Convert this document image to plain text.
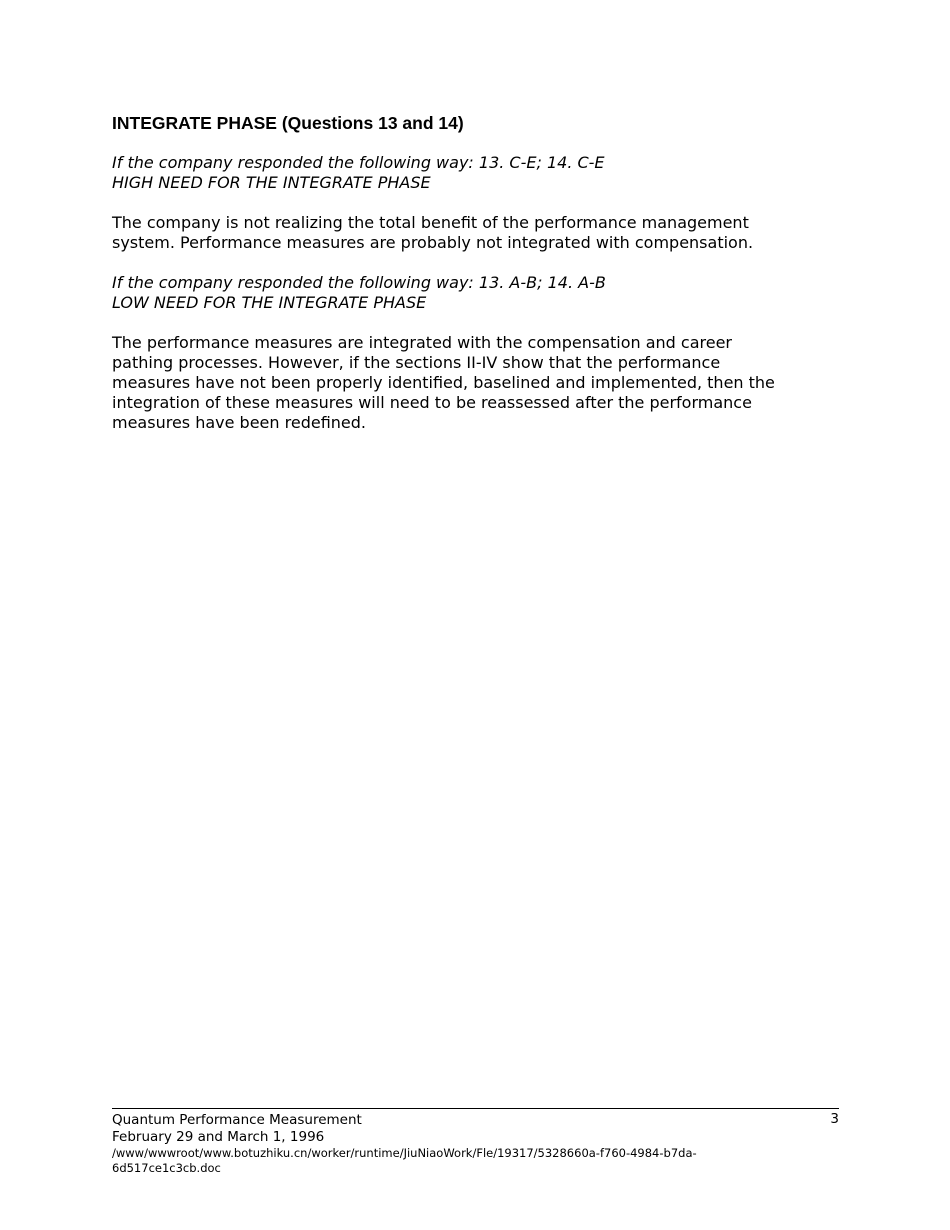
INTEGRATE PHASE (Questions 13 and 14)
If the company responded the following way: 13. C-E; 14. C-E
HIGH NEED FOR THE INTEGRATE PHASE
The company is not realizing the total benefit of the performance management
system. Performance measures are probably not integrated with compensation.
If the company responded the following way: 13. A-B; 14. A-B
LOW NEED FOR THE INTEGRATE PHASE
The performance measures are integrated with the compensation and career
pathing processes. However, if the sections II-IV show that the performance
measures have not been properly identified, baselined and implemented, then the
integration of these measures will need to be reassessed after the performance
measures have been redefined.
Quantum Performance Measurement	3
February 29 and March 1, 1996
/www/wwwroot/www.botuzhiku.cn/worker/runtime/JiuNiaoWork/Fle/19317/5328660a-f760-4984-b7da-
6d517ce1c3cb.doc
